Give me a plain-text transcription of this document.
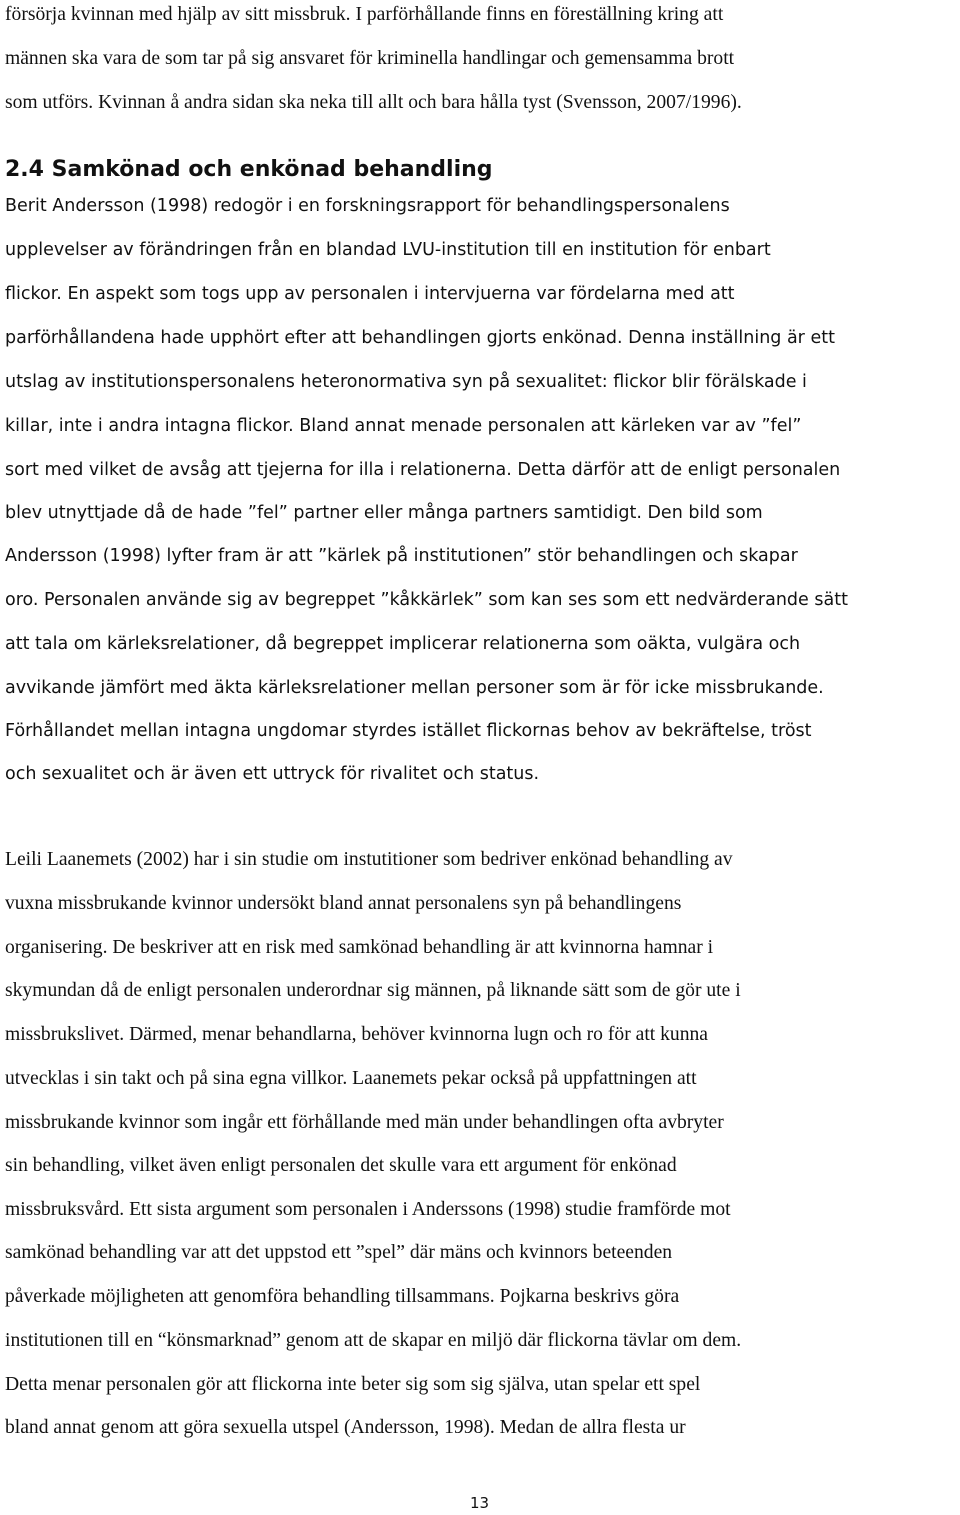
försörja kvinnan med hjälp av sitt missbruk. I parförhållande finns en föreställning kring att
männen ska vara de som tar på sig ansvaret för kriminella handlingar och gemensamma brott
som utförs. Kvinnan å andra sidan ska neka till allt och bara hålla tyst (Svensson, 2007/1996).
2.4 Samkönad och enkönad behandling
Berit Andersson (1998) redogör i en forskningsrapport för behandlingspersonalens
upplevelser av förändringen från en blandad LVU-institution till en institution för enbart
flickor. En aspekt som togs upp av personalen i intervjuerna var fördelarna med att
parförhållandena hade upphört efter att behandlingen gjorts enkönad. Denna inställning är ett
utslag av institutionspersonalens heteronormativa syn på sexualitet: flickor blir förälskade i
killar, inte i andra intagna flickor. Bland annat menade personalen att kärleken var av ”fel”
sort med vilket de avsåg att tjejerna for illa i relationerna. Detta därför att de enligt personalen
blev utnyttjade då de hade ”fel” partner eller många partners samtidigt. Den bild som
Andersson (1998) lyfter fram är att ”kärlek på institutionen” stör behandlingen och skapar
oro. Personalen använde sig av begreppet ”kåkkärlek” som kan ses som ett nedvärderande sätt
att tala om kärleksrelationer, då begreppet implicerar relationerna som oäkta, vulgära och
avvikande jämfört med äkta kärleksrelationer mellan personer som är för icke missbrukande.
Förhållandet mellan intagna ungdomar styrdes istället flickornas behov av bekräftelse, tröst
och sexualitet och är även ett uttryck för rivalitet och status.
Leili Laanemets (2002) har i sin studie om instutitioner som bedriver enkönad behandling av
vuxna missbrukande kvinnor undersökt bland annat personalens syn på behandlingens
organisering. De beskriver att en risk med samkönad behandling är att kvinnorna hamnar i
skymundan då de enligt personalen underordnar sig männen, på liknande sätt som de gör ute i
missbrukslivet. Därmed, menar behandlarna, behöver kvinnorna lugn och ro för att kunna
utvecklas i sin takt och på sina egna villkor. Laanemets pekar också på uppfattningen att
missbrukande kvinnor som ingår ett förhållande med män under behandlingen ofta avbryter
sin behandling, vilket även enligt personalen det skulle vara ett argument för enkönad
missbruksvård. Ett sista argument som personalen i Anderssons (1998) studie framförde mot
samkönad behandling var att det uppstod ett ”spel” där mäns och kvinnors beteenden
påverkade möjligheten att genomföra behandling tillsammans. Pojkarna beskrivs göra
institutionen till en “könsmarknad” genom att de skapar en miljö där flickorna tävlar om dem.
Detta menar personalen gör att flickorna inte beter sig som sig själva, utan spelar ett spel
bland annat genom att göra sexuella utspel (Andersson, 1998). Medan de allra flesta ur
13
